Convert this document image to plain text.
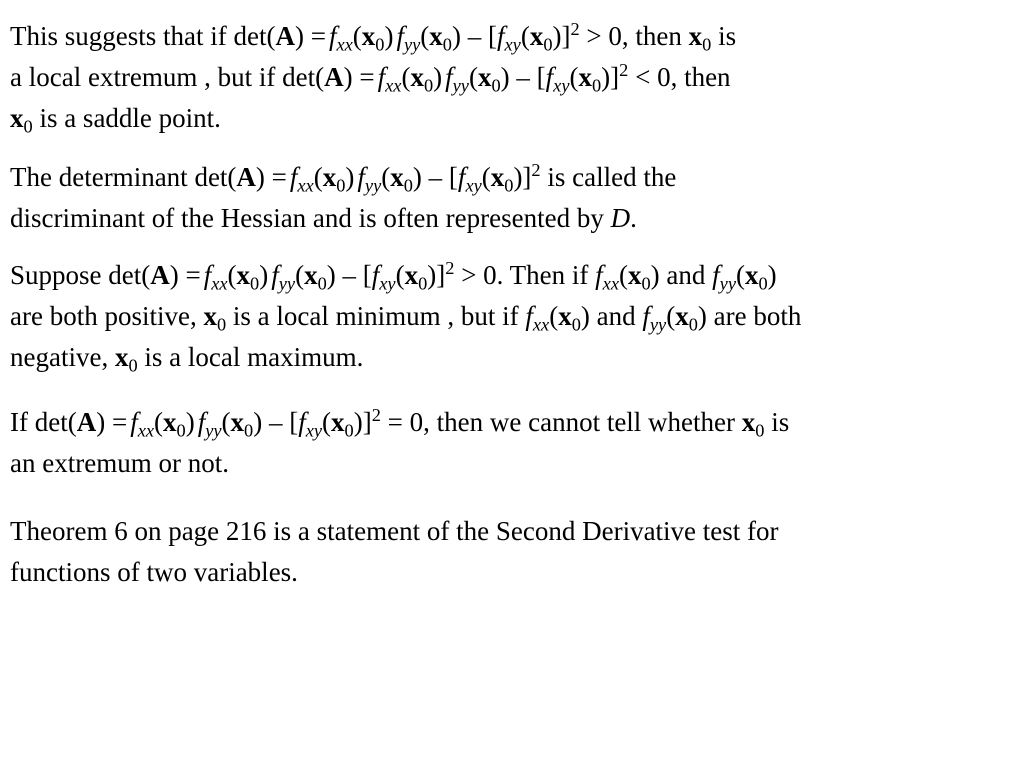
This suggests that if $\det(A) = f_{xx}(x_0)$ $f_{yy}(x_0) - [f_{xy}(x_0)]^2 > 0$, then $x_0$ is
a local extremum , but if $\det(A) = f_{xx}(x_0)$ $f_{yy}(x_0) - [f_{xy}(x_0)]^2 < 0$, then
$x_0$ is a saddle point.
The determinant $\det(A) = f_{xx}(x_0)$ $f_{yy}(x_0) - [f_{xy}(x_0)]^2$ is called the
discriminant of the Hessian and is often represented by D.
Suppose $\det(A) = f_{xx}(x_0)$ $f_{yy}(x_0) - [f_{xy}(x_0)]^2 > 0$. Then if $f_{xx}(x_0)$ and $f_{yy}(x_0)$
are both positive, $x_0$ is a local minimum , but if $f_{xx}(x_0)$ and $f_{yy}(x_0)$ are both
negative, $x_0$ is a local maximum.
If $\det(A) = f_{xx}(x_0)$ $f_{yy}(x_0) - [f_{xy}(x_0)]^2 = 0$, then we cannot tell whether $x_0$ is
an extremum or not.
Theorem 6 on page 216 is a statement of the Second Derivative test for
functions of two variables.
